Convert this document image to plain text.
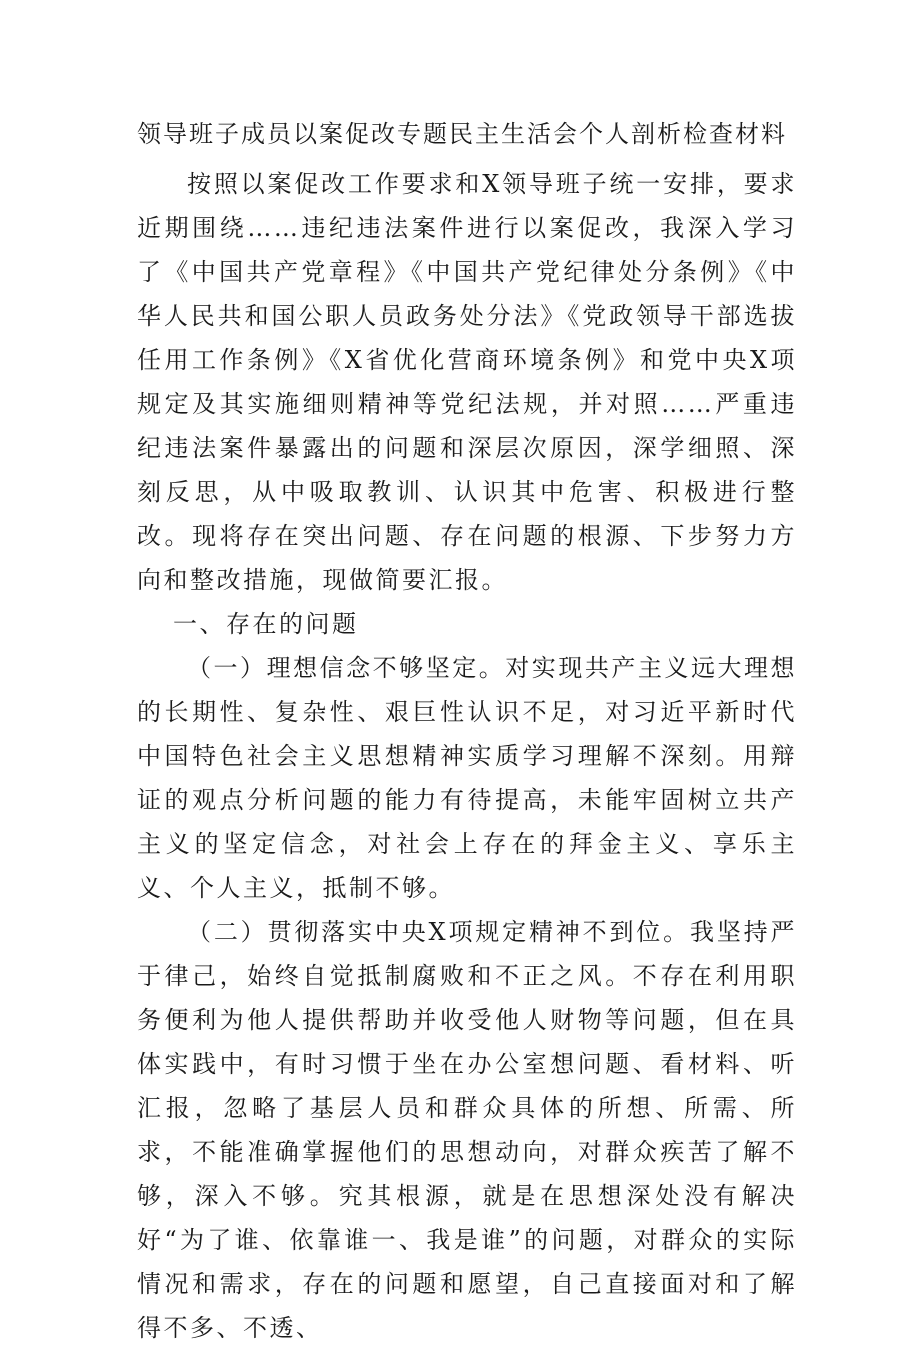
领导班子成员以案促改专题民主生活会个人剖析检查材料

按照以案促改工作要求和X领导班子统一安排，要求近期围绕……违纪违法案件进行以案促改，我深入学习了《中国共产党章程》《中国共产党纪律处分条例》《中华人民共和国公职人员政务处分法》《党政领导干部选拔任用工作条例》《X省优化营商环境条例》和党中央X项规定及其实施细则精神等党纪法规，并对照……严重违纪违法案件暴露出的问题和深层次原因，深学细照、深刻反思，从中吸取教训、认识其中危害、积极进行整改。现将存在突出问题、存在问题的根源、下步努力方向和整改措施，现做简要汇报。

一、存在的问题

（一）理想信念不够坚定。对实现共产主义远大理想的长期性、复杂性、艰巨性认识不足，对习近平新时代中国特色社会主义思想精神实质学习理解不深刻。用辩证的观点分析问题的能力有待提高，未能牢固树立共产主义的坚定信念，对社会上存在的拜金主义、享乐主义、个人主义，抵制不够。

（二）贯彻落实中央X项规定精神不到位。我坚持严于律己，始终自觉抵制腐败和不正之风。不存在利用职务便利为他人提供帮助并收受他人财物等问题，但在具体实践中，有时习惯于坐在办公室想问题、看材料、听汇报，忽略了基层人员和群众具体的所想、所需、所求，不能准确掌握他们的思想动向，对群众疾苦了解不够，深入不够。究其根源，就是在思想深处没有解决好“为了谁、依靠谁一、我是谁”的问题，对群众的实际情况和需求，存在的问题和愿望，自己直接面对和了解得不多、不透、
